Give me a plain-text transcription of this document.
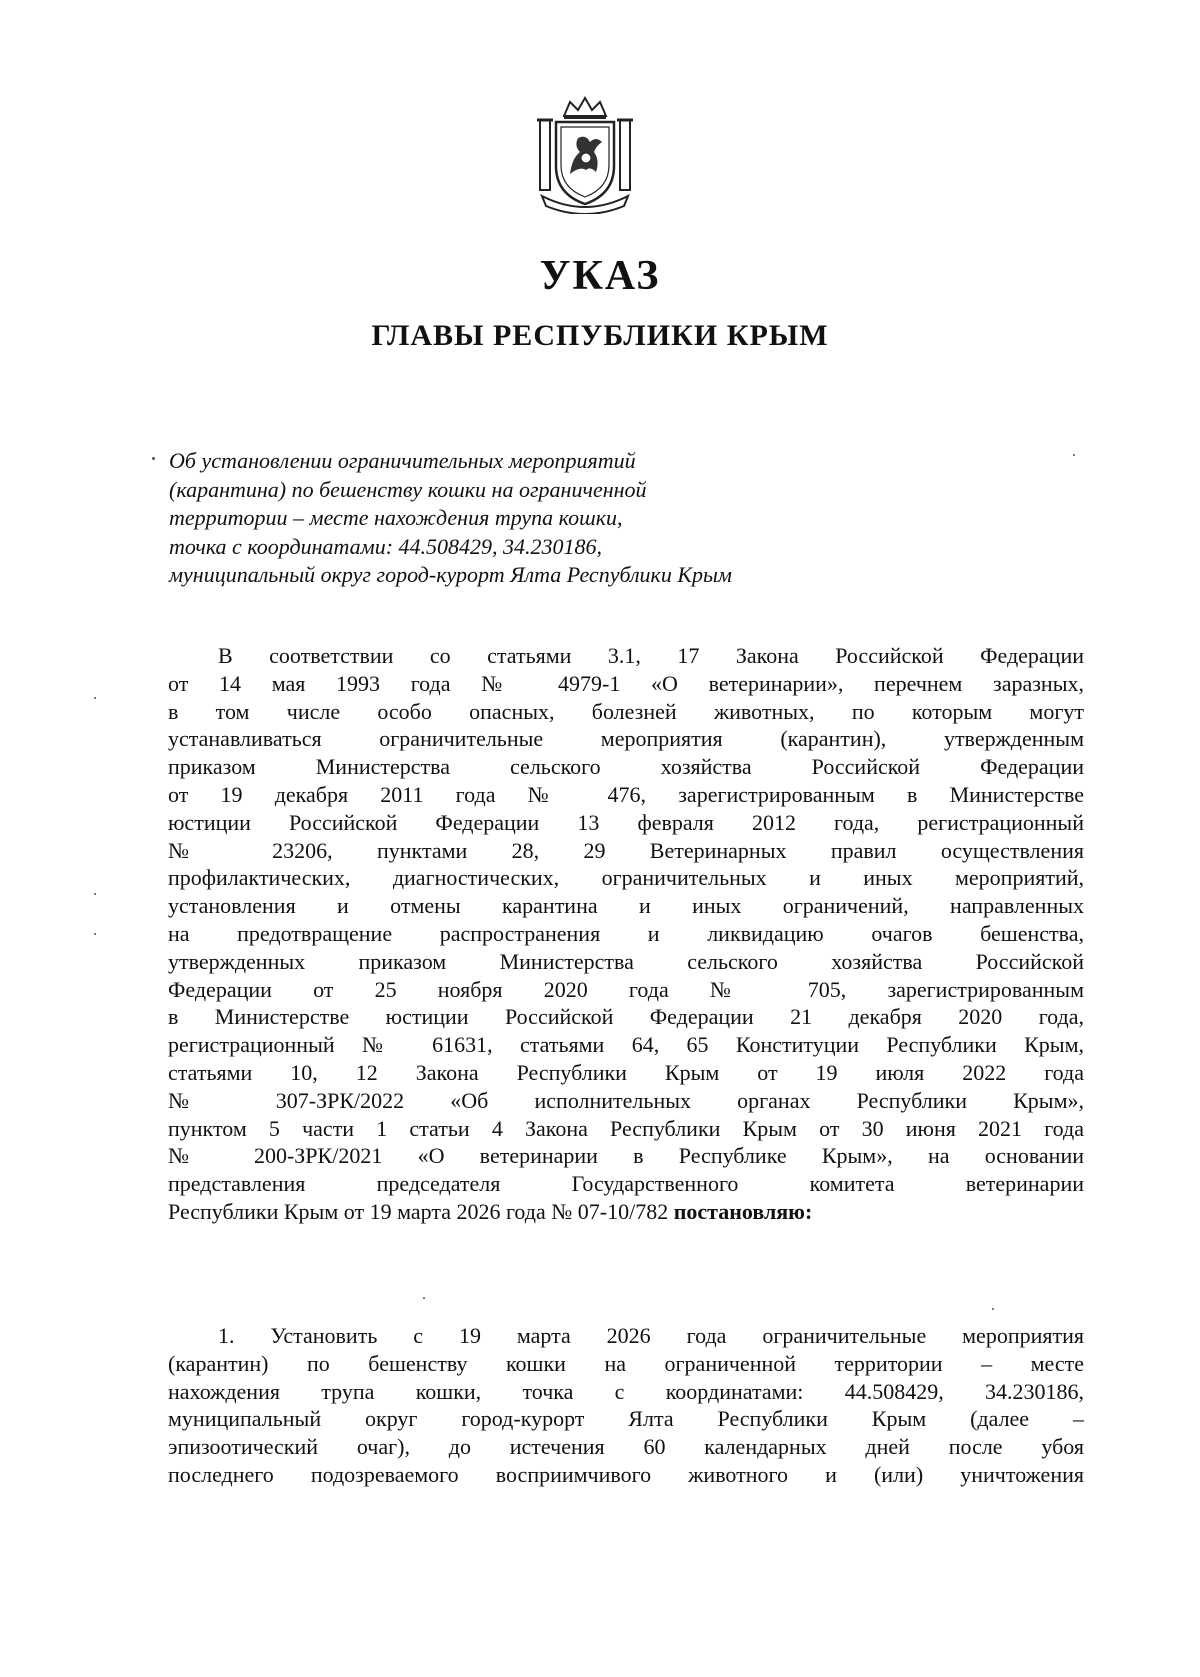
УКАЗ
ГЛАВЫ РЕСПУБЛИКИ КРЫМ
Об установлении ограничительных мероприятий
(карантина) по бешенству кошки на ограниченной
территории – месте нахождения трупа кошки,
точка с координатами: 44.508429, 34.230186,
муниципальный округ город-курорт Ялта Республики Крым
В соответствии со статьями 3.1, 17 Закона Российской Федерации
от 14 мая 1993 года № 4979-1 «О ветеринарии», перечнем заразных,
в том числе особо опасных, болезней животных, по которым могут
устанавливаться ограничительные мероприятия (карантин), утвержденным
приказом Министерства сельского хозяйства Российской Федерации
от 19 декабря 2011 года № 476, зарегистрированным в Министерстве
юстиции Российской Федерации 13 февраля 2012 года, регистрационный
№ 23206, пунктами 28, 29 Ветеринарных правил осуществления
профилактических, диагностических, ограничительных и иных мероприятий,
установления и отмены карантина и иных ограничений, направленных
на предотвращение распространения и ликвидацию очагов бешенства,
утвержденных приказом Министерства сельского хозяйства Российской
Федерации от 25 ноября 2020 года № 705, зарегистрированным
в Министерстве юстиции Российской Федерации 21 декабря 2020 года,
регистрационный № 61631, статьями 64, 65 Конституции Республики Крым,
статьями 10, 12 Закона Республики Крым от 19 июля 2022 года
№ 307-ЗРК/2022 «Об исполнительных органах Республики Крым»,
пунктом 5 части 1 статьи 4 Закона Республики Крым от 30 июня 2021 года
№ 200-ЗРК/2021 «О ветеринарии в Республике Крым», на основании
представления председателя Государственного комитета ветеринарии
Республики Крым от 19 марта 2026 года № 07-10/782 постановляю:
1. Установить с 19 марта 2026 года ограничительные мероприятия
(карантин) по бешенству кошки на ограниченной территории – месте
нахождения трупа кошки, точка с координатами: 44.508429, 34.230186,
муниципальный округ город-курорт Ялта Республики Крым (далее –
эпизоотический очаг), до истечения 60 календарных дней после убоя
последнего подозреваемого восприимчивого животного и (или) уничтожения
